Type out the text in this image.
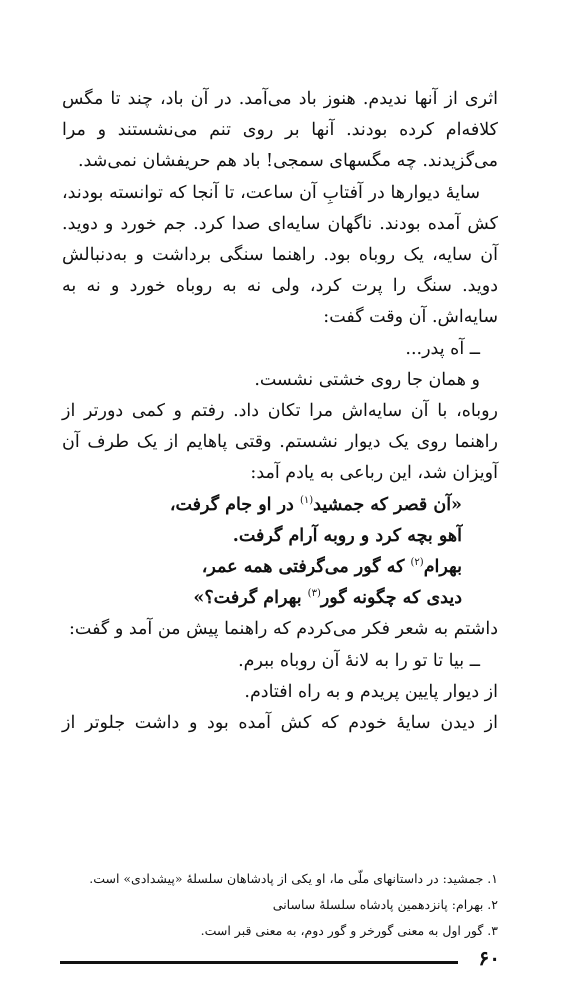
اثری از آنها ندیدم. هنوز باد می‌آمد. در آن باد، چند تا مگس

کلافه‌ام کرده بودند. آنها بر روی تنم می‌نشستند و مرا

می‌گزیدند. چه مگسهای سمجی! باد هم حریفشان نمی‌شد.

سایهٔ دیوارها در آفتابِ آن ساعت، تا آنجا که توانسته بودند،

کش آمده بودند. ناگهان سایه‌ای صدا کرد. جم خورد و دوید.

آن سایه، یک روباه بود. راهنما سنگی برداشت و به‌دنبالش

دوید. سنگ را پرت کرد، ولی نه به روباه خورد و نه به

سایه‌اش. آن وقت گفت:

ــ آه پدر...

و همان جا روی خشتی نشست.

روباه، با آن سایه‌اش مرا تکان داد. رفتم و کمی دورتر از

راهنما روی یک دیوار نشستم. وقتی پاهایم از یک طرف آن

آویزان شد، این رباعی به یادم آمد:

«آن قصر که جمشید$^{(۱)}$ در او جام گرفت،

آهو بچه کرد و روبه آرام گرفت.

بهرام$^{(۲)}$ که گور می‌گرفتی همه عمر،

دیدی که چگونه گور$^{(۳)}$ بهرام گرفت؟»

داشتم به شعر فکر می‌کردم که راهنما پیش من آمد و گفت:

ــ بیا تا تو را به لانهٔ آن روباه ببرم.

از دیوار پایین پریدم و به راه افتادم.

از دیدن سایهٔ خودم که کش آمده بود و داشت جلوتر از

۱. جمشید: در داستانهای ملّی ما، او یکی از پادشاهان سلسلهٔ «پیشدادی» است.

۲. بهرام: پانزدهمین پادشاه سلسلهٔ ساسانی

۳. گور اول به معنی گورخر و گور دوم، به معنی قبر است.

۶۰
